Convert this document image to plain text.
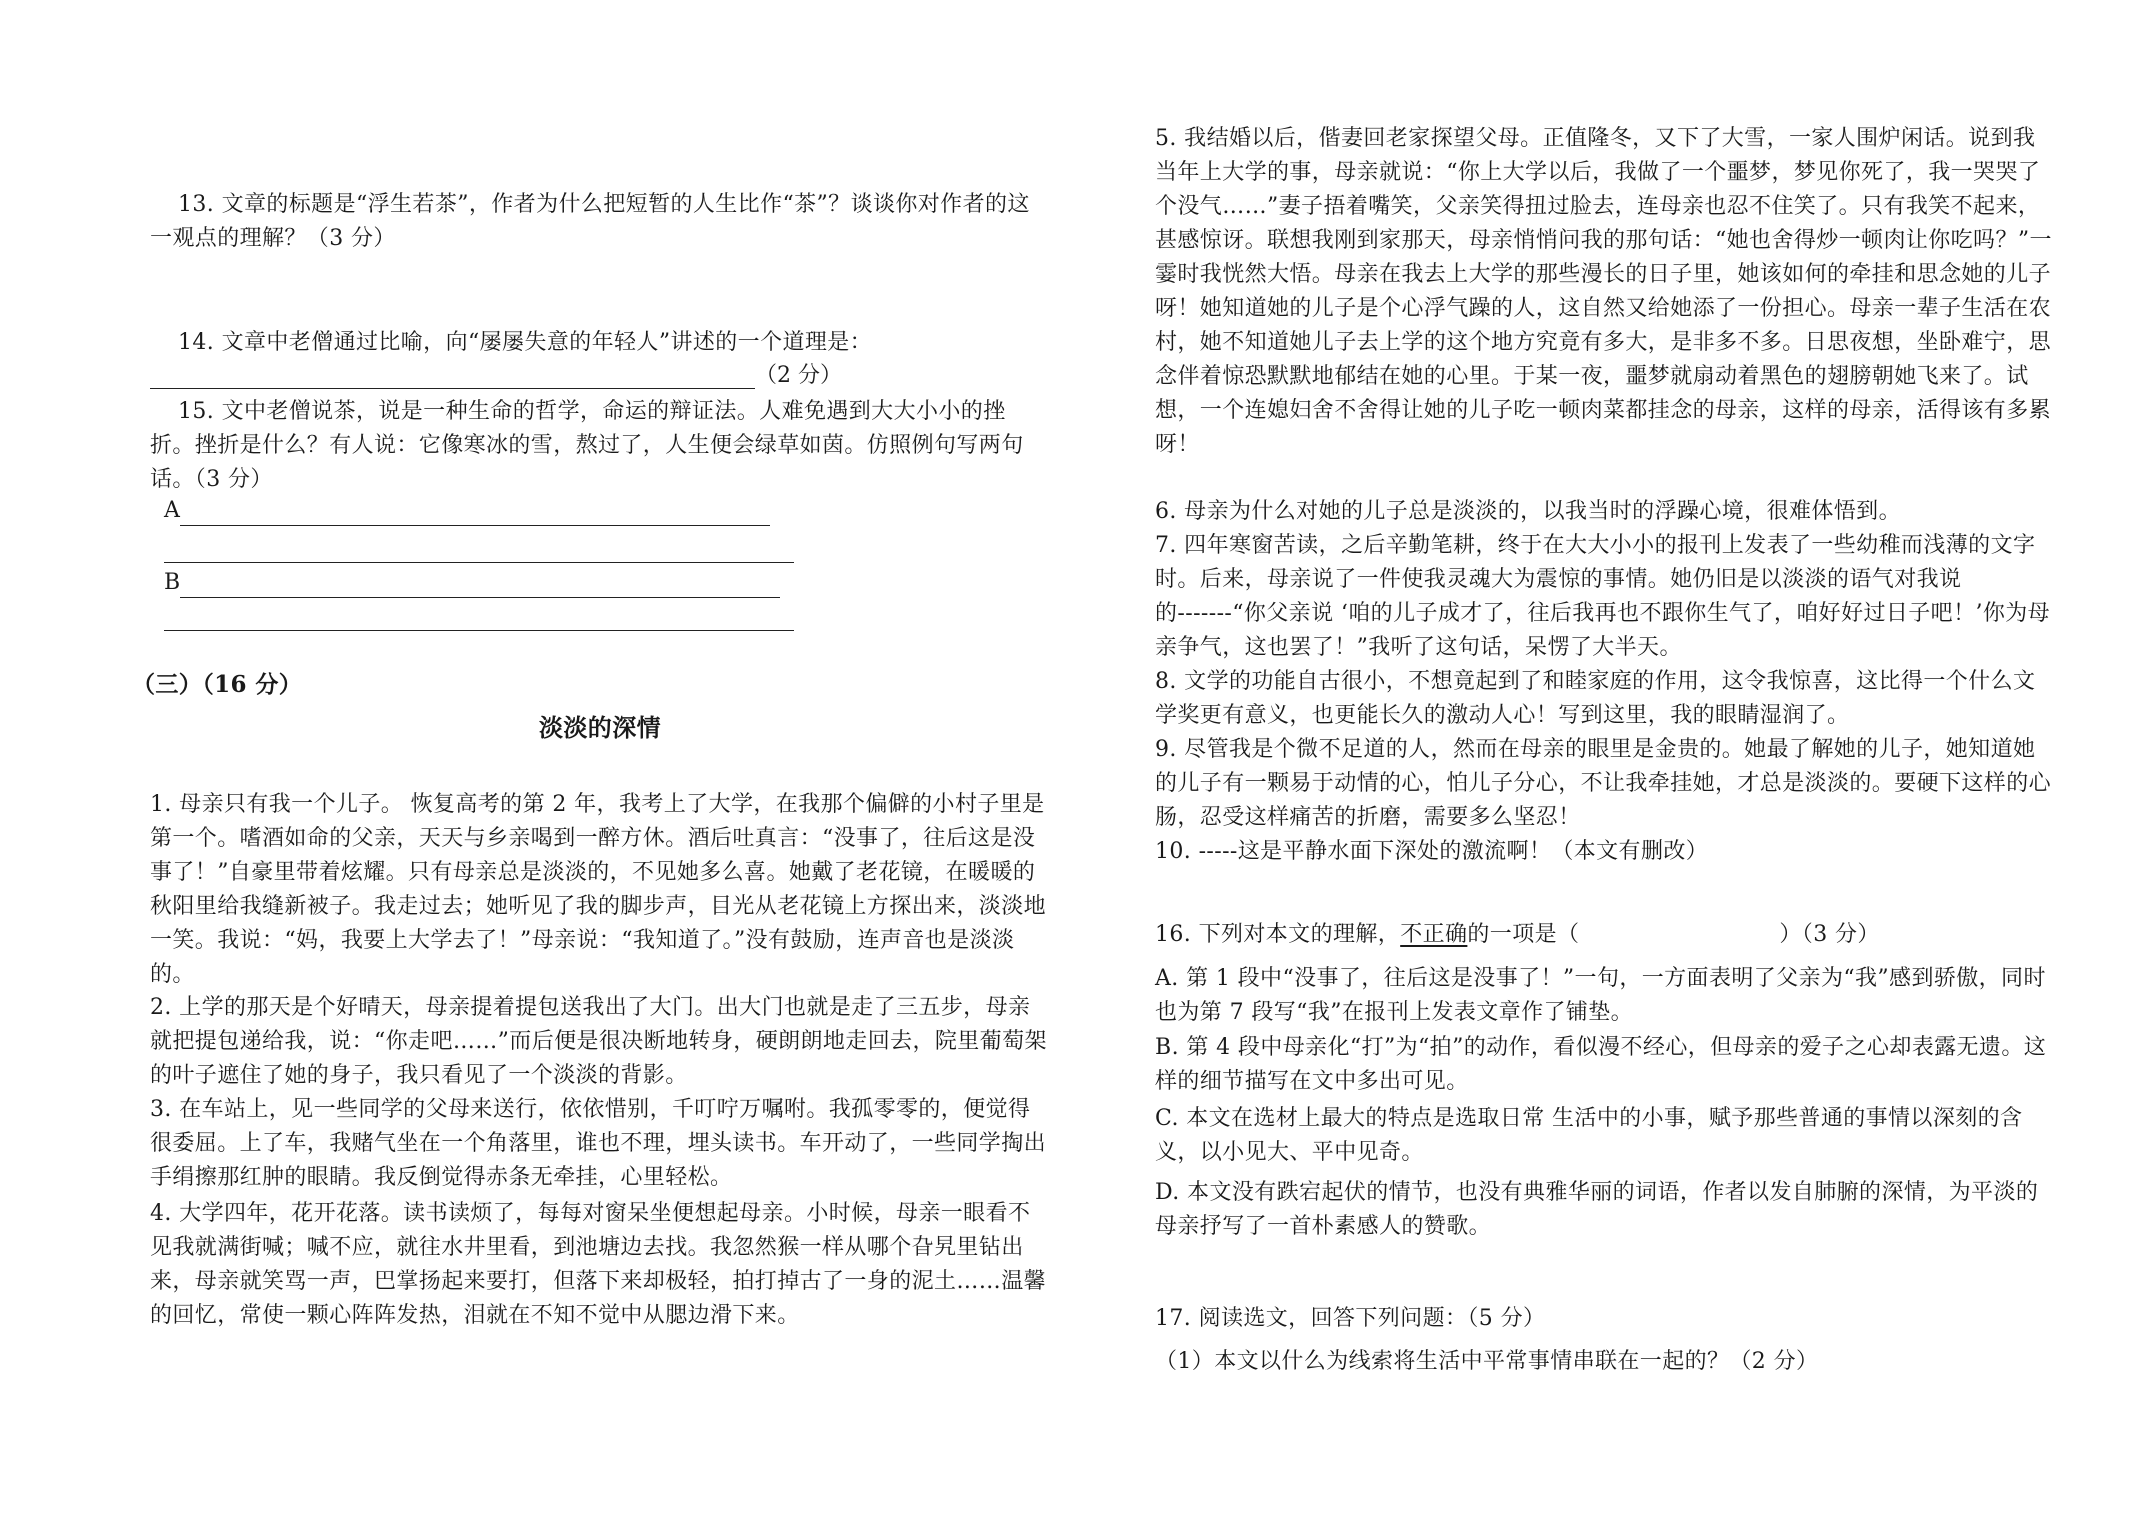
13. 文章的标题是“浮生若茶”，作者为什么把短暂的人生比作“茶”？谈谈你对作者的这一观点的理解？（3 分）

14. 文章中老僧通过比喻，向“屡屡失意的年轻人”讲述的一个道理是：

（2 分）

15. 文中老僧说茶，说是一种生命的哲学，命运的辩证法。人难免遇到大大小小的挫折。挫折是什么？有人说：它像寒冰的雪，熬过了，人生便会绿草如茵。仿照例句写两句话。（3 分）

A
B

（三）（16 分）

淡淡的深情

1. 母亲只有我一个儿子。 恢复高考的第 2 年，我考上了大学，在我那个偏僻的小村子里是第一个。嗜酒如命的父亲，天天与乡亲喝到一醉方休。酒后吐真言：“没事了，往后这是没事了！”自豪里带着炫耀。只有母亲总是淡淡的，不见她多么喜。她戴了老花镜，在暖暖的秋阳里给我缝新被子。我走过去；她听见了我的脚步声，目光从老花镜上方探出来，淡淡地一笑。我说：“妈，我要上大学去了！”母亲说：“我知道了。”没有鼓励，连声音也是淡淡的。

2. 上学的那天是个好晴天，母亲提着提包送我出了大门。出大门也就是走了三五步，母亲就把提包递给我，说：“你走吧……”而后便是很决断地转身，硬朗朗地走回去，院里葡萄架的叶子遮住了她的身子，我只看见了一个淡淡的背影。

3. 在车站上，见一些同学的父母来送行，依依惜别，千叮咛万嘱咐。我孤零零的，便觉得很委屈。上了车，我赌气坐在一个角落里，谁也不理，埋头读书。车开动了，一些同学掏出手绢擦那红肿的眼睛。我反倒觉得赤条无牵挂，心里轻松。

4. 大学四年，花开花落。读书读烦了，每每对窗呆坐便想起母亲。小时候，母亲一眼看不见我就满街喊；喊不应，就往水井里看，到池塘边去找。我忽然猴一样从哪个旮旯里钻出来，母亲就笑骂一声，巴掌扬起来要打，但落下来却极轻，拍打掉古了一身的泥土……温馨的回忆，常使一颗心阵阵发热，泪就在不知不觉中从腮边滑下来。

5. 我结婚以后，偕妻回老家探望父母。正值隆冬，又下了大雪，一家人围炉闲话。说到我当年上大学的事，母亲就说：“你上大学以后，我做了一个噩梦，梦见你死了，我一哭哭了个没气……”妻子捂着嘴笑，父亲笑得扭过脸去，连母亲也忍不住笑了。只有我笑不起来，甚感惊讶。联想我刚到家那天，母亲悄悄问我的那句话：“她也舍得炒一顿肉让你吃吗？”一霎时我恍然大悟。母亲在我去上大学的那些漫长的日子里，她该如何的牵挂和思念她的儿子呀！她知道她的儿子是个心浮气躁的人，这自然又给她添了一份担心。母亲一辈子生活在农村，她不知道她儿子去上学的这个地方究竟有多大，是非多不多。日思夜想，坐卧难宁，思念伴着惊恐默默地郁结在她的心里。于某一夜，噩梦就扇动着黑色的翅膀朝她飞来了。试想，一个连媳妇舍不舍得让她的儿子吃一顿肉菜都挂念的母亲，这样的母亲，活得该有多累呀！

6. 母亲为什么对她的儿子总是淡淡的，以我当时的浮躁心境，很难体悟到。

7. 四年寒窗苦读，之后辛勤笔耕，终于在大大小小的报刊上发表了一些幼稚而浅薄的文字时。后来，母亲说了一件使我灵魂大为震惊的事情。她仍旧是以淡淡的语气对我说的‐‐‐‐‐‐‐“你父亲说 ‘咱的儿子成才了，往后我再也不跟你生气了，咱好好过日子吧！’你为母亲争气，这也罢了！”我听了这句话，呆愣了大半天。

8. 文学的功能自古很小，不想竟起到了和睦家庭的作用，这令我惊喜，这比得一个什么文学奖更有意义，也更能长久的激动人心！写到这里，我的眼睛湿润了。

9. 尽管我是个微不足道的人，然而在母亲的眼里是金贵的。她最了解她的儿子，她知道她的儿子有一颗易于动情的心，怕儿子分心，不让我牵挂她，才总是淡淡的。要硬下这样的心肠，忍受这样痛苦的折磨，需要多么坚忍！

10. ‐‐‐‐‐这是平静水面下深处的激流啊！（本文有删改）

16. 下列对本文的理解，不正确的一项是（	）（3 分）

A. 第 1 段中“没事了，往后这是没事了！”一句，一方面表明了父亲为“我”感到骄傲，同时也为第 7 段写“我”在报刊上发表文章作了铺垫。

B. 第 4 段中母亲化“打”为“拍”的动作，看似漫不经心，但母亲的爱子之心却表露无遗。这样的细节描写在文中多出可见。

C. 本文在选材上最大的特点是选取日常 生活中的小事，赋予那些普通的事情以深刻的含义，以小见大、平中见奇。

D. 本文没有跌宕起伏的情节，也没有典雅华丽的词语，作者以发自肺腑的深情，为平淡的母亲抒写了一首朴素感人的赞歌。

17. 阅读选文，回答下列问题：（5 分）

（1）本文以什么为线索将生活中平常事情串联在一起的？（2 分）
